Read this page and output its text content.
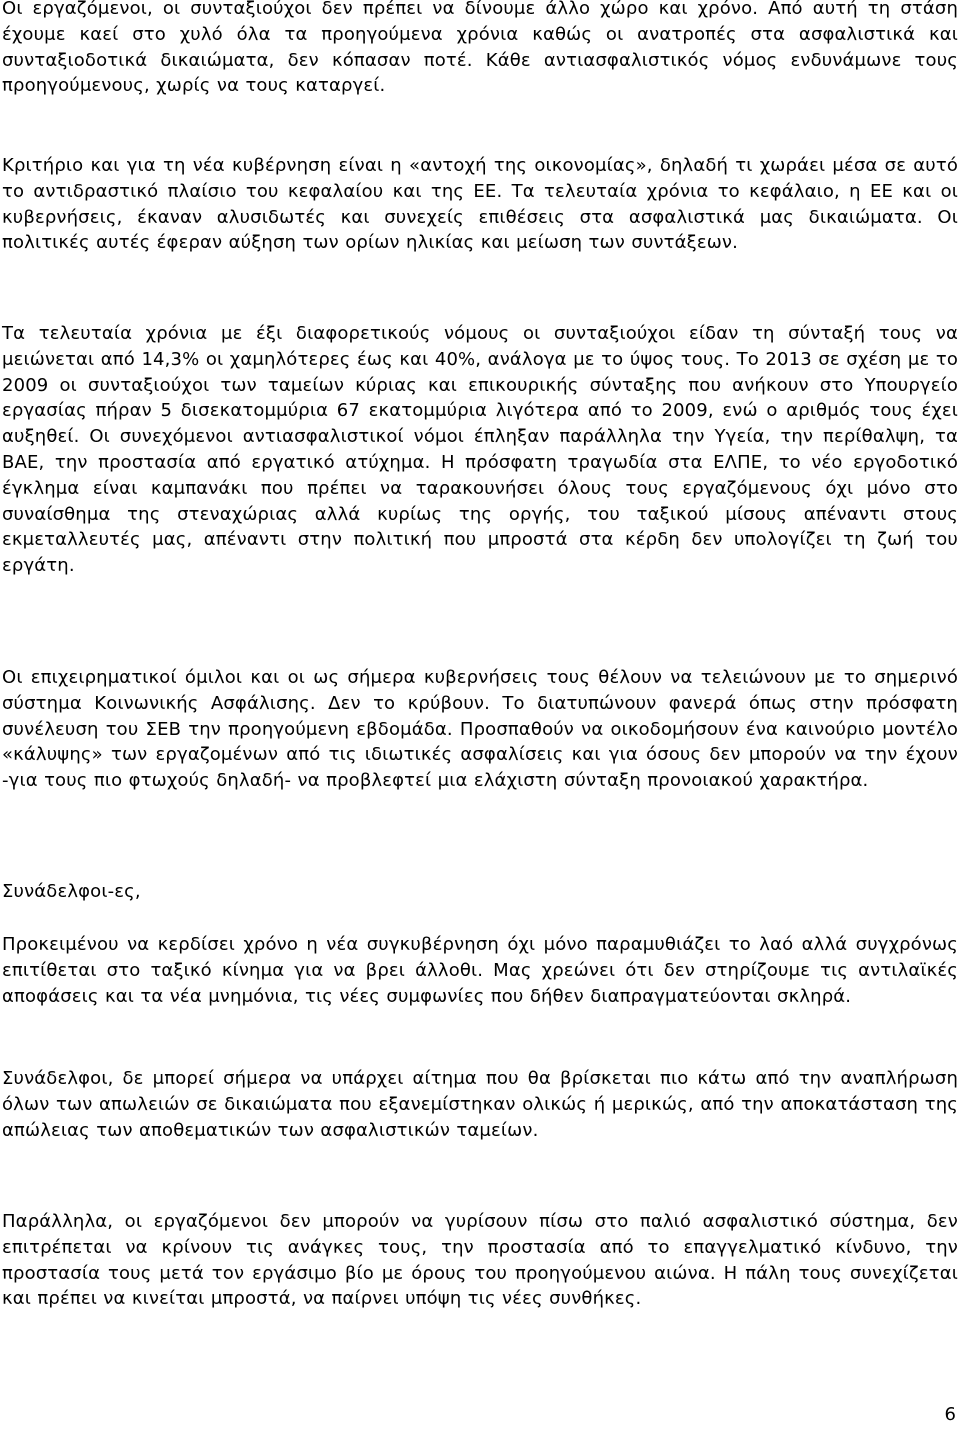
Οι εργαζόμενοι, οι συνταξιούχοι δεν πρέπει να δίνουμε άλλο χώρο και χρόνο. Από αυτή τη στάση έχουμε καεί στο χυλό όλα τα προηγούμενα χρόνια καθώς οι ανατροπές στα ασφαλιστικά και συνταξιοδοτικά δικαιώματα, δεν κόπασαν ποτέ. Κάθε αντιασφαλιστικός νόμος ενδυνάμωνε τους προηγούμενους, χωρίς να τους καταργεί.

Κριτήριο και για τη νέα κυβέρνηση είναι η «αντοχή της οικονομίας», δηλαδή τι χωράει μέσα σε αυτό το αντιδραστικό πλαίσιο του κεφαλαίου και της ΕΕ. Τα τελευταία χρόνια το κεφάλαιο, η ΕΕ και οι κυβερνήσεις, έκαναν αλυσιδωτές και συνεχείς επιθέσεις στα ασφαλιστικά μας δικαιώματα. Οι πολιτικές αυτές έφεραν αύξηση των ορίων ηλικίας και μείωση των συντάξεων.

Τα τελευταία χρόνια με έξι διαφορετικούς νόμους οι συνταξιούχοι είδαν τη σύνταξή τους να μειώνεται από 14,3% οι χαμηλότερες έως και 40%, ανάλογα με το ύψος τους. Το 2013 σε σχέση με το 2009 οι συνταξιούχοι των ταμείων κύριας και επικουρικής σύνταξης που ανήκουν στο Υπουργείο εργασίας πήραν 5 δισεκατομμύρια 67 εκατομμύρια λιγότερα από το 2009, ενώ ο αριθμός τους έχει αυξηθεί. Οι συνεχόμενοι αντιασφαλιστικοί νόμοι έπληξαν παράλληλα την Υγεία, την περίθαλψη, τα ΒΑΕ, την προστασία από εργατικό ατύχημα. Η πρόσφατη τραγωδία στα ΕΛΠΕ, το νέο εργοδοτικό έγκλημα είναι καμπανάκι που πρέπει να ταρακουνήσει όλους τους εργαζόμενους όχι μόνο στο συναίσθημα της στεναχώριας αλλά κυρίως της οργής, του ταξικού μίσους απέναντι στους εκμεταλλευτές μας, απέναντι στην πολιτική που μπροστά στα κέρδη δεν υπολογίζει τη ζωή του εργάτη.

Οι επιχειρηματικοί όμιλοι και οι ως σήμερα κυβερνήσεις τους θέλουν να τελειώνουν με το σημερινό σύστημα Κοινωνικής Ασφάλισης. Δεν το κρύβουν. Το διατυπώνουν φανερά όπως στην πρόσφατη συνέλευση του ΣΕΒ την προηγούμενη εβδομάδα. Προσπαθούν να οικοδομήσουν ένα καινούριο μοντέλο «κάλυψης» των εργαζομένων από τις ιδιωτικές ασφαλίσεις και για όσους δεν μπορούν να την έχουν -για τους πιο φτωχούς δηλαδή- να προβλεφτεί μια ελάχιστη σύνταξη προνοιακού χαρακτήρα.

Συνάδελφοι-ες,

Προκειμένου να κερδίσει χρόνο η νέα συγκυβέρνηση όχι μόνο παραμυθιάζει το λαό αλλά συγχρόνως επιτίθεται στο ταξικό κίνημα για να βρει άλλοθι. Μας χρεώνει ότι δεν στηρίζουμε τις αντιλαϊκές αποφάσεις και τα νέα μνημόνια, τις νέες συμφωνίες που δήθεν διαπραγματεύονται σκληρά.

Συνάδελφοι, δε μπορεί σήμερα να υπάρχει αίτημα που θα βρίσκεται πιο κάτω από την αναπλήρωση όλων των απωλειών σε δικαιώματα που εξανεμίστηκαν ολικώς ή μερικώς, από την αποκατάσταση της απώλειας των αποθεματικών των ασφαλιστικών ταμείων.

Παράλληλα, οι εργαζόμενοι δεν μπορούν να γυρίσουν πίσω στο παλιό ασφαλιστικό σύστημα, δεν επιτρέπεται να κρίνουν τις ανάγκες τους, την προστασία από το επαγγελματικό κίνδυνο, την προστασία τους μετά τον εργάσιμο βίο με όρους του προηγούμενου αιώνα. Η πάλη τους συνεχίζεται και πρέπει να κινείται μπροστά, να παίρνει υπόψη τις νέες συνθήκες.

6
